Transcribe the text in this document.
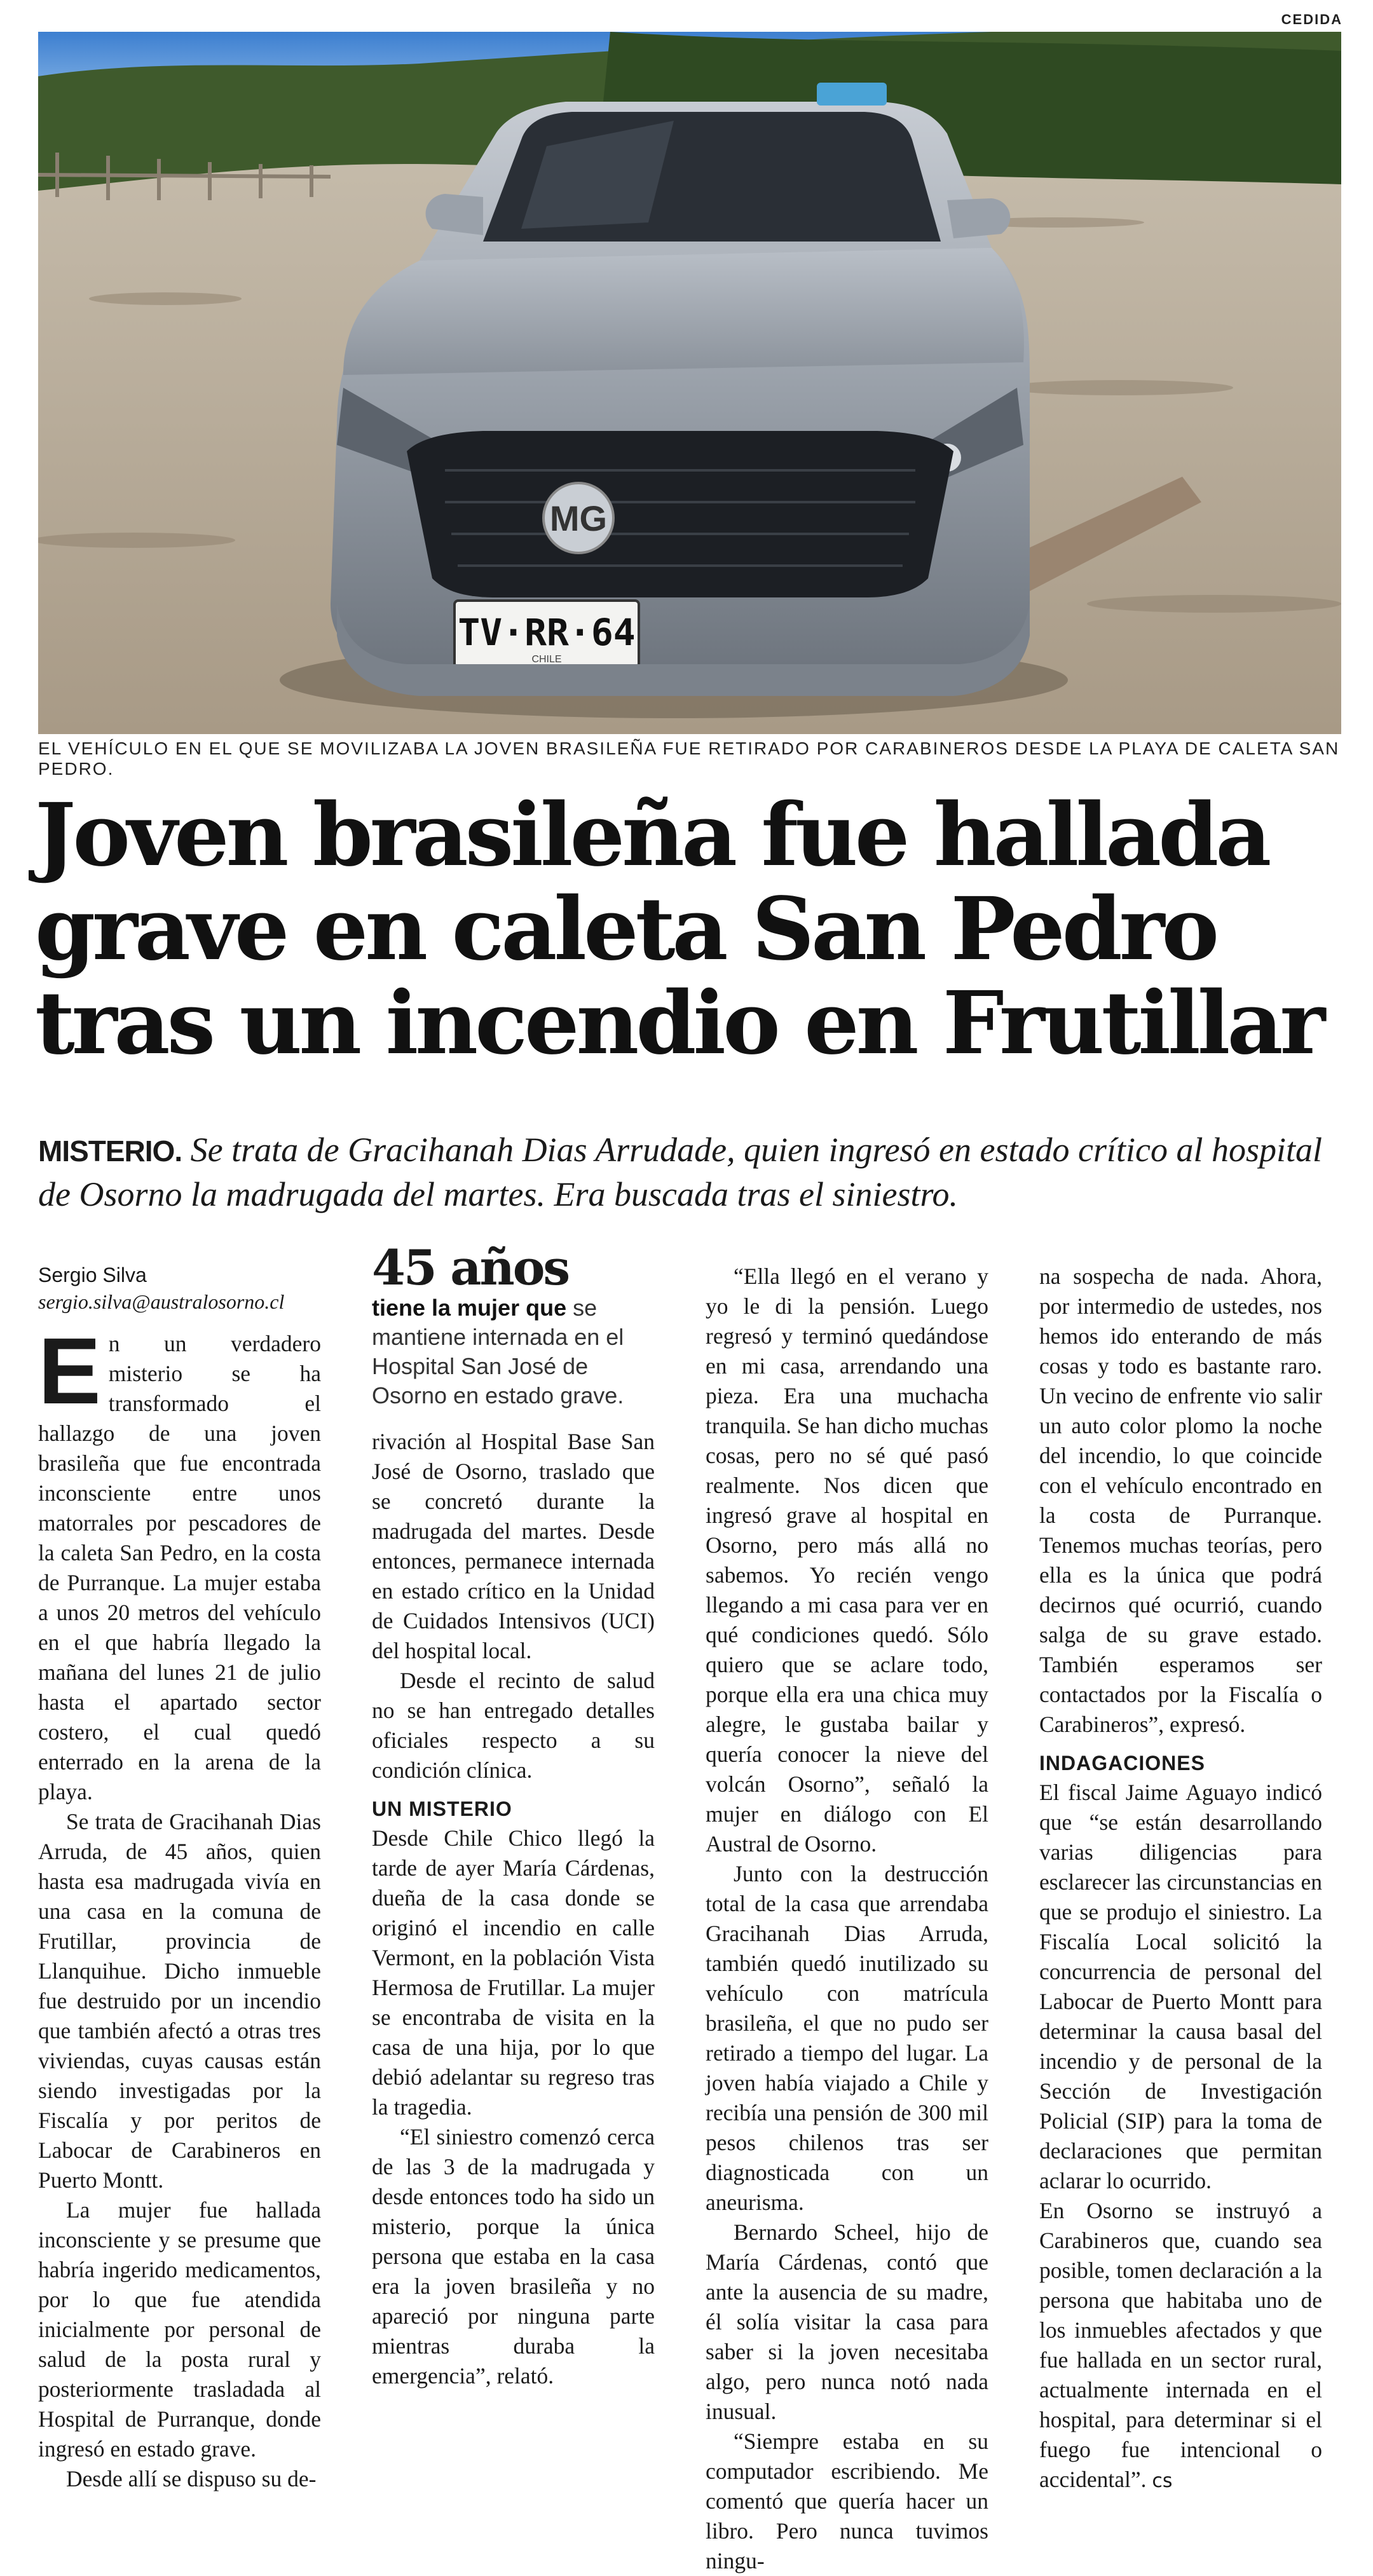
CEDIDA
MG
TV·RR·64
CHILE
EL VEHÍCULO EN EL QUE SE MOVILIZABA LA JOVEN BRASILEÑA FUE RETIRADO POR CARABINEROS DESDE LA PLAYA DE CALETA SAN PEDRO.
Joven brasileña fue hallada
grave en caleta San Pedro
tras un incendio en Frutillar
MISTERIO. Se trata de Gracihanah Dias Arrudade, quien ingresó en estado crítico al hospital de Osorno la madrugada del martes. Era buscada tras el siniestro.
Sergio Silva
sergio.silva@australosorno.cl

En un verdadero misterio se ha transformado el hallazgo de una joven brasileña que fue encontrada inconsciente entre unos matorrales por pescadores de la caleta San Pedro, en la costa de Purranque. La mujer estaba a unos 20 metros del vehículo en el que habría llegado la mañana del lunes 21 de julio hasta el apartado sector costero, el cual quedó enterrado en la arena de la playa.

Se trata de Gracihanah Dias Arruda, de 45 años, quien hasta esa madrugada vivía en una casa en la comuna de Frutillar, provincia de Llanquihue. Dicho inmueble fue destruido por un incendio que también afectó a otras tres viviendas, cuyas causas están siendo investigadas por la Fiscalía y por peritos de Labocar de Carabineros en Puerto Montt.

La mujer fue hallada inconsciente y se presume que habría ingerido medicamentos, por lo que fue atendida inicialmente por personal de salud de la posta rural y posteriormente trasladada al Hospital de Purranque, donde ingresó en estado grave.

Desde allí se dispuso su de-

45 años
tiene la mujer que se mantiene internada en el Hospital San José de Osorno en estado grave.

rivación al Hospital Base San José de Osorno, traslado que se concretó durante la madrugada del martes. Desde entonces, permanece internada en estado crítico en la Unidad de Cuidados Intensivos (UCI) del hospital local.

Desde el recinto de salud no se han entregado detalles oficiales respecto a su condición clínica.

UN MISTERIO

Desde Chile Chico llegó la tarde de ayer María Cárdenas, dueña de la casa donde se originó el incendio en calle Vermont, en la población Vista Hermosa de Frutillar. La mujer se encontraba de visita en la casa de una hija, por lo que debió adelantar su regreso tras la tragedia.

“El siniestro comenzó cerca de las 3 de la madrugada y desde entonces todo ha sido un misterio, porque la única persona que estaba en la casa era la joven brasileña y no apareció por ninguna parte mientras duraba la emergencia”, relató.

“Ella llegó en el verano y yo le di la pensión. Luego regresó y terminó quedándose en mi casa, arrendando una pieza. Era una muchacha tranquila. Se han dicho muchas cosas, pero no sé qué pasó realmente. Nos dicen que ingresó grave al hospital en Osorno, pero más allá no sabemos. Yo recién vengo llegando a mi casa para ver en qué condiciones quedó. Sólo quiero que se aclare todo, porque ella era una chica muy alegre, le gustaba bailar y quería conocer la nieve del volcán Osorno”, señaló la mujer en diálogo con El Austral de Osorno.

Junto con la destrucción total de la casa que arrendaba Gracihanah Dias Arruda, también quedó inutilizado su vehículo con matrícula brasileña, el que no pudo ser retirado a tiempo del lugar. La joven había viajado a Chile y recibía una pensión de 300 mil pesos chilenos tras ser diagnosticada con un aneurisma.

Bernardo Scheel, hijo de María Cárdenas, contó que ante la ausencia de su madre, él solía visitar la casa para saber si la joven necesitaba algo, pero nunca notó nada inusual.

“Siempre estaba en su computador escribiendo. Me comentó que quería hacer un libro. Pero nunca tuvimos ningu-

na sospecha de nada. Ahora, por intermedio de ustedes, nos hemos ido enterando de más cosas y todo es bastante raro. Un vecino de enfrente vio salir un auto color plomo la noche del incendio, lo que coincide con el vehículo encontrado en la costa de Purranque. Tenemos muchas teorías, pero ella es la única que podrá decirnos qué ocurrió, cuando salga de su grave estado. También esperamos ser contactados por la Fiscalía o Carabineros”, expresó.

INDAGACIONES

El fiscal Jaime Aguayo indicó que “se están desarrollando varias diligencias para esclarecer las circunstancias en que se produjo el siniestro. La Fiscalía Local solicitó la concurrencia de personal del Labocar de Puerto Montt para determinar la causa basal del incendio y de personal de la Sección de Investigación Policial (SIP) para la toma de declaraciones que permitan aclarar lo ocurrido.

En Osorno se instruyó a Carabineros que, cuando sea posible, tomen declaración a la persona que habitaba uno de los inmuebles afectados y que fue hallada en un sector rural, actualmente internada en el hospital, para determinar si el fuego fue intencional o accidental”. cs
